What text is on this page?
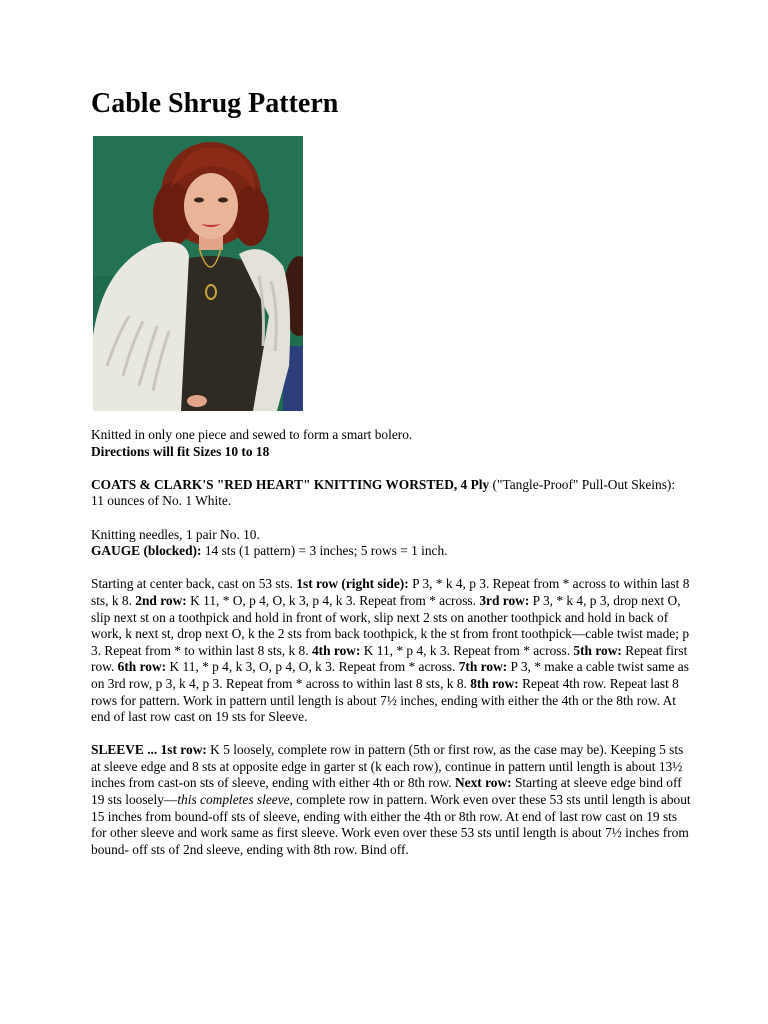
Cable Shrug Pattern

Knitted in only one piece and sewed to form a smart bolero.
Directions will fit Sizes 10 to 18

COATS & CLARK'S "RED HEART" KNITTING WORSTED, 4 Ply ("Tangle-Proof" Pull-Out Skeins): 11 ounces of No. 1 White.

Knitting needles, 1 pair No. 10.
GAUGE (blocked): 14 sts (1 pattern) = 3 inches; 5 rows = 1 inch.

Starting at center back, cast on 53 sts. 1st row (right side): P 3, * k 4, p 3. Repeat from * across to within last 8 sts, k 8. 2nd row: K 11, * O, p 4, O, k 3, p 4, k 3. Repeat from * across. 3rd row: P 3, * k 4, p 3, drop next O, slip next st on a toothpick and hold in front of work, slip next 2 sts on another toothpick and hold in back of work, k next st, drop next O, k the 2 sts from back toothpick, k the st from front toothpick—cable twist made; p 3. Repeat from * to within last 8 sts, k 8. 4th row: K 11, * p 4, k 3. Repeat from * across. 5th row: Repeat first row. 6th row: K 11, * p 4, k 3, O, p 4, O, k 3. Repeat from * across. 7th row: P 3, * make a cable twist same as on 3rd row, p 3, k 4, p 3. Repeat from * across to within last 8 sts, k 8. 8th row: Repeat 4th row. Repeat last 8 rows for pattern. Work in pattern until length is about 7½ inches, ending with either the 4th or the 8th row. At end of last row cast on 19 sts for Sleeve.

SLEEVE ... 1st row: K 5 loosely, complete row in pattern (5th or first row, as the case may be). Keeping 5 sts at sleeve edge and 8 sts at opposite edge in garter st (k each row), continue in pattern until length is about 13½ inches from cast-on sts of sleeve, ending with either 4th or 8th row. Next row: Starting at sleeve edge bind off 19 sts loosely—this completes sleeve, complete row in pattern. Work even over these 53 sts until length is about 15 inches from bound-off sts of sleeve, ending with either the 4th or 8th row. At end of last row cast on 19 sts for other sleeve and work same as first sleeve. Work even over these 53 sts until length is about 7½ inches from bound- off sts of 2nd sleeve, ending with 8th row. Bind off.
